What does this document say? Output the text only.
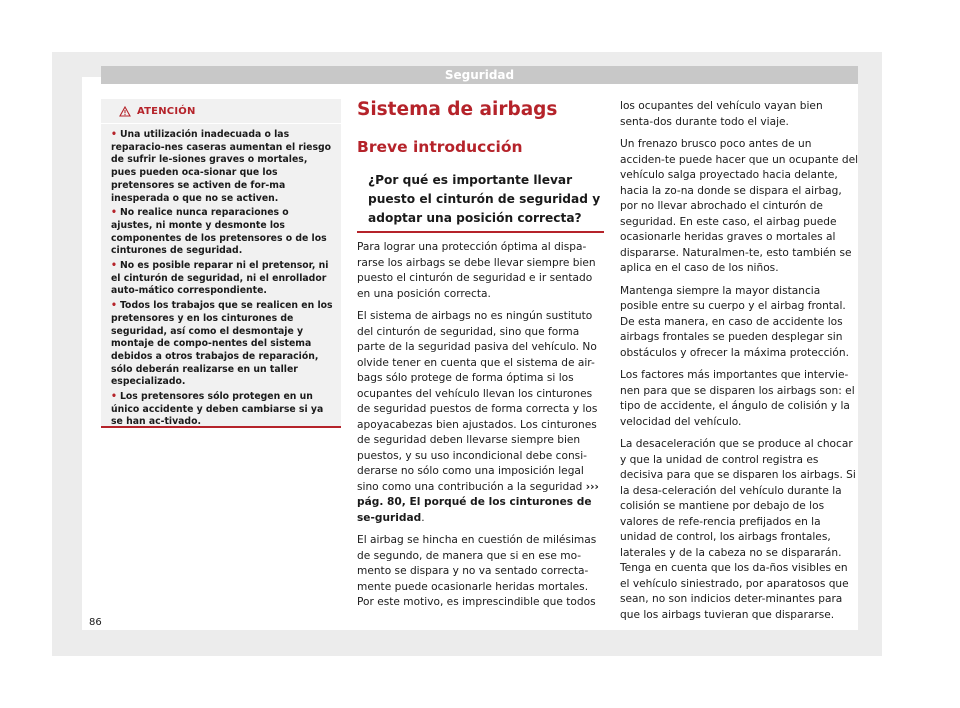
Seguridad
ATENCIÓN
• Una utilización inadecuada o las reparacio-nes caseras aumentan el riesgo de sufrir le-siones graves o mortales, pues pueden oca-sionar que los pretensores se activen de for-ma inesperada o que no se activen.
• No realice nunca reparaciones o ajustes, ni monte y desmonte los componentes de los pretensores o de los cinturones de seguridad.
• No es posible reparar ni el pretensor, ni el cinturón de seguridad, ni el enrollador auto-mático correspondiente.
• Todos los trabajos que se realicen en los pretensores y en los cinturones de seguridad, así como el desmontaje y montaje de compo-nentes del sistema debidos a otros trabajos de reparación, sólo deberán realizarse en un taller especializado.
• Los pretensores sólo protegen en un único accidente y deben cambiarse si ya se han ac-tivado.
Sistema de airbags
Breve introducción
¿Por qué es importante llevar puesto el cinturón de seguridad y adoptar una posición correcta?

Para lograr una protección óptima al dispa-rarse los airbags se debe llevar siempre bien puesto el cinturón de seguridad e ir sentado en una posición correcta.

El sistema de airbags no es ningún sustituto del cinturón de seguridad, sino que forma parte de la seguridad pasiva del vehículo. No olvide tener en cuenta que el sistema de air-bags sólo protege de forma óptima si los ocupantes del vehículo llevan los cinturones de seguridad puestos de forma correcta y los apoyacabezas bien ajustados. Los cinturones de seguridad deben llevarse siempre bien puestos, y su uso incondicional debe consi-derarse no sólo como una imposición legal sino como una contribución a la seguridad ››› pág. 80, El porqué de los cinturones de se-guridad.

El airbag se hincha en cuestión de milésimas de segundo, de manera que si en ese mo-mento se dispara y no va sentado correcta-mente puede ocasionarle heridas mortales. Por este motivo, es imprescindible que todos

los ocupantes del vehículo vayan bien senta-dos durante todo el viaje.

Un frenazo brusco poco antes de un acciden-te puede hacer que un ocupante del vehículo salga proyectado hacia delante, hacia la zo-na donde se dispara el airbag, por no llevar abrochado el cinturón de seguridad. En este caso, el airbag puede ocasionarle heridas graves o mortales al dispararse. Naturalmen-te, esto también se aplica en el caso de los niños.

Mantenga siempre la mayor distancia posible entre su cuerpo y el airbag frontal. De esta manera, en caso de accidente los airbags frontales se pueden desplegar sin obstáculos y ofrecer la máxima protección.

Los factores más importantes que intervie-nen para que se disparen los airbags son: el tipo de accidente, el ángulo de colisión y la velocidad del vehículo.

La desaceleración que se produce al chocar y que la unidad de control registra es decisiva para que se disparen los airbags. Si la desa-celeración del vehículo durante la colisión se mantiene por debajo de los valores de refe-rencia prefijados en la unidad de control, los airbags frontales, laterales y de la cabeza no se dispararán. Tenga en cuenta que los da-ños visibles en el vehículo siniestrado, por aparatosos que sean, no son indicios deter-minantes para que los airbags tuvieran que dispararse.

86
